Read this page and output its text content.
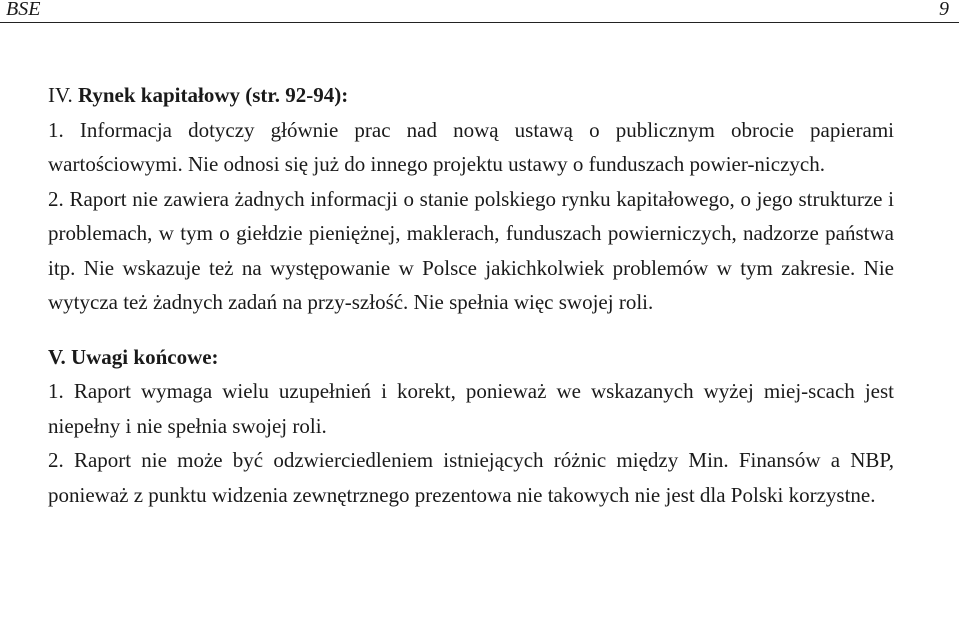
BSE	9

IV. Rynek kapitałowy (str. 92-94):

1. Informacja dotyczy głównie prac nad nową ustawą o publicznym obrocie papierami wartościowymi. Nie odnosi się już do innego projektu ustawy o funduszach powier-niczych.

2. Raport nie zawiera żadnych informacji o stanie polskiego rynku kapitałowego, o jego strukturze i problemach, w tym o giełdzie pieniężnej, maklerach, funduszach powierniczych, nadzorze państwa itp. Nie wskazuje też na występowanie w Polsce jakichkolwiek problemów w tym zakresie. Nie wytycza też żadnych zadań na przy-szłość. Nie spełnia więc swojej roli.

V. Uwagi końcowe:

1. Raport wymaga wielu uzupełnień i korekt, ponieważ we wskazanych wyżej miej-scach jest niepełny i nie spełnia swojej roli.

2. Raport nie może być odzwierciedleniem istniejących różnic między Min. Finansów a NBP, ponieważ z punktu widzenia zewnętrznego prezentowa nie takowych nie jest dla Polski korzystne.
